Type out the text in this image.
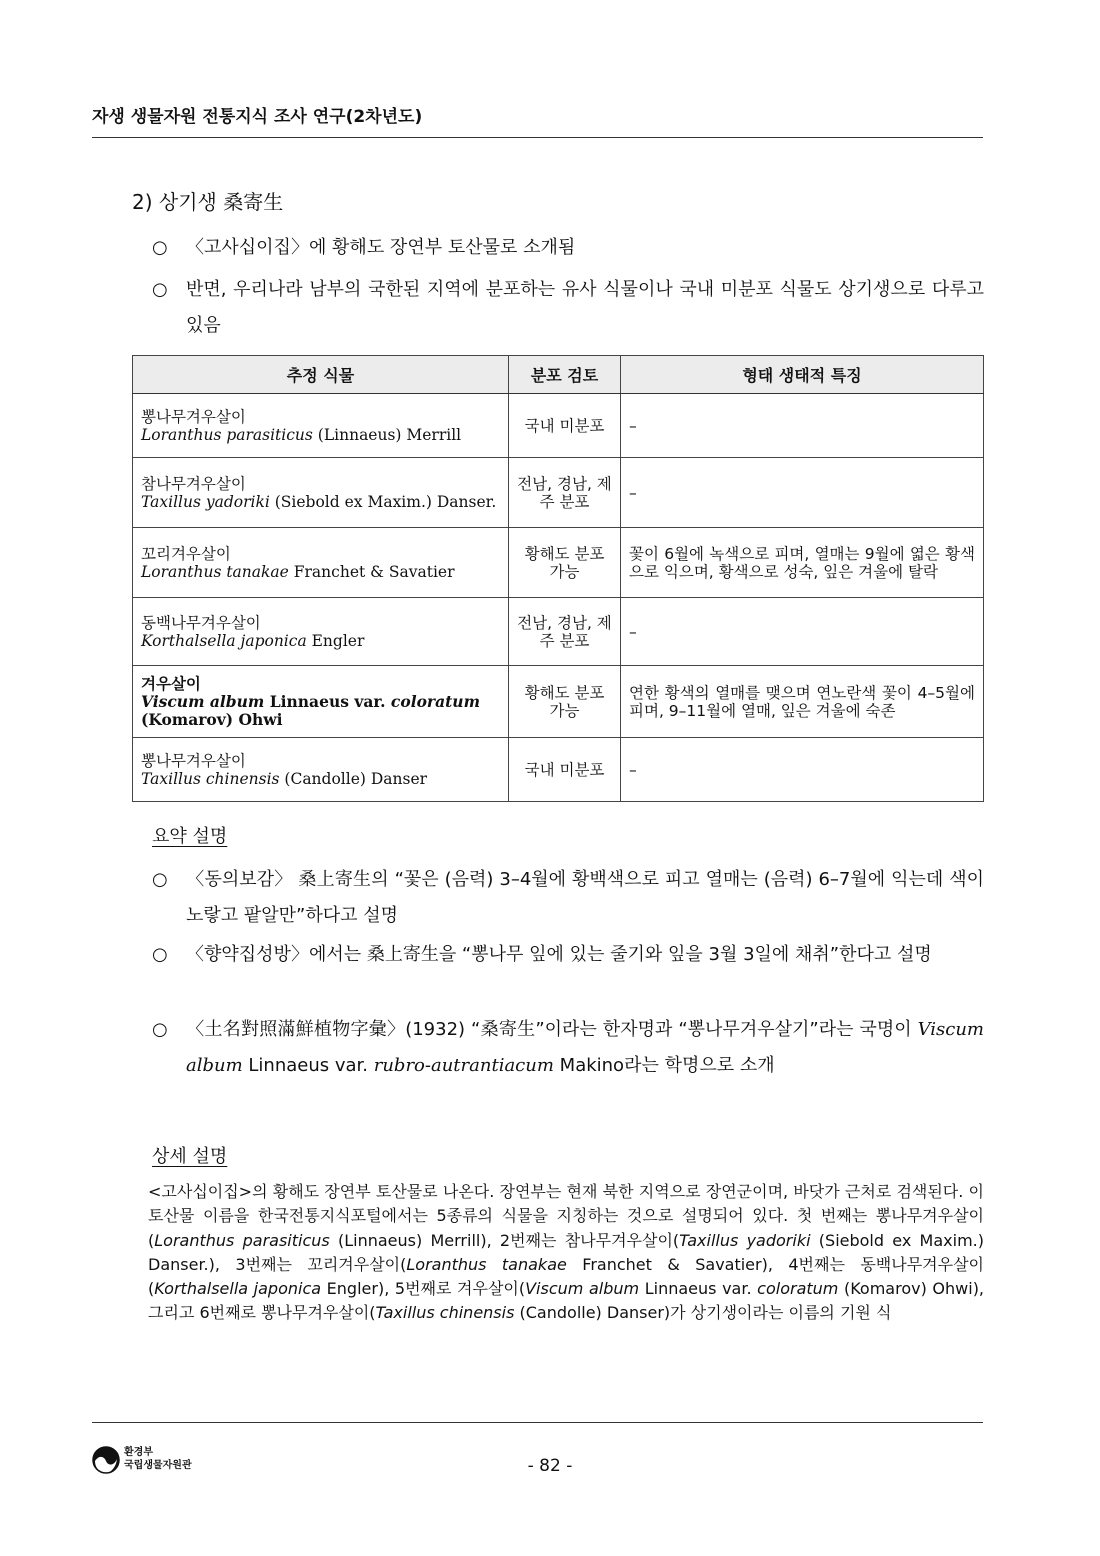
자생 생물자원 전통지식 조사 연구(2차년도)
2) 상기생 桑寄生
○ 〈고사십이집〉에 황해도 장연부 토산물로 소개됨
○ 반면, 우리나라 남부의 국한된 지역에 분포하는 유사 식물이나 국내 미분포 식물도 상기생으로 다루고 있음
추정 식물	분포 검토	형태 생태적 특징

뽕나무겨우살이
Loranthus parasiticus (Linnaeus) Merrill	국내 미분포	–

참나무겨우살이
Taxillus yadoriki (Siebold ex Maxim.) Danser.	전남, 경남, 제주 분포	–

꼬리겨우살이
Loranthus tanakae Franchet & Savatier	황해도 분포 가능	꽃이 6월에 녹색으로 피며, 열매는 9월에 엷은 황색으로 익으며, 황색으로 성숙, 잎은 겨울에 탈락

동백나무겨우살이
Korthalsella japonica Engler	전남, 경남, 제주 분포	–

겨우살이
Viscum album Linnaeus var. coloratum (Komarov) Ohwi	황해도 분포 가능	연한 황색의 열매를 맺으며 연노란색 꽃이 4–5월에 피며, 9–11월에 열매, 잎은 겨울에 숙존

뽕나무겨우살이
Taxillus chinensis (Candolle) Danser	국내 미분포	–
요약 설명
○ 〈동의보감〉 桑上寄生의 “꽃은 (음력) 3–4월에 황백색으로 피고 열매는 (음력) 6–7월에 익는데 색이 노랗고 팥알만”하다고 설명
○ 〈향약집성방〉에서는 桑上寄生을 “뽕나무 잎에 있는 줄기와 잎을 3월 3일에 채취”한다고 설명
○ 〈土名對照滿鮮植物字彙〉(1932) “桑寄生”이라는 한자명과 “뽕나무겨우살기”라는 국명이 Viscum album Linnaeus var. rubro-autrantiacum Makino라는 학명으로 소개
상세 설명
<고사십이집>의 황해도 장연부 토산물로 나온다. 장연부는 현재 북한 지역으로 장연군이며, 바닷가 근처로 검색된다. 이 토산물 이름을 한국전통지식포털에서는 5종류의 식물을 지칭하는 것으로 설명되어 있다. 첫 번째는 뽕나무겨우살이(Loranthus parasiticus (Linnaeus) Merrill), 2번째는 참나무겨우살이(Taxillus yadoriki (Siebold ex Maxim.) Danser.), 3번째는 꼬리겨우살이(Loranthus tanakae Franchet & Savatier), 4번째는 동백나무겨우살이(Korthalsella japonica Engler), 5번째로 겨우살이(Viscum album Linnaeus var. coloratum (Komarov) Ohwi), 그리고 6번째로 뽕나무겨우살이(Taxillus chinensis (Candolle) Danser)가 상기생이라는 이름의 기원 식
환경부
국립생물자원관	- 82 -
